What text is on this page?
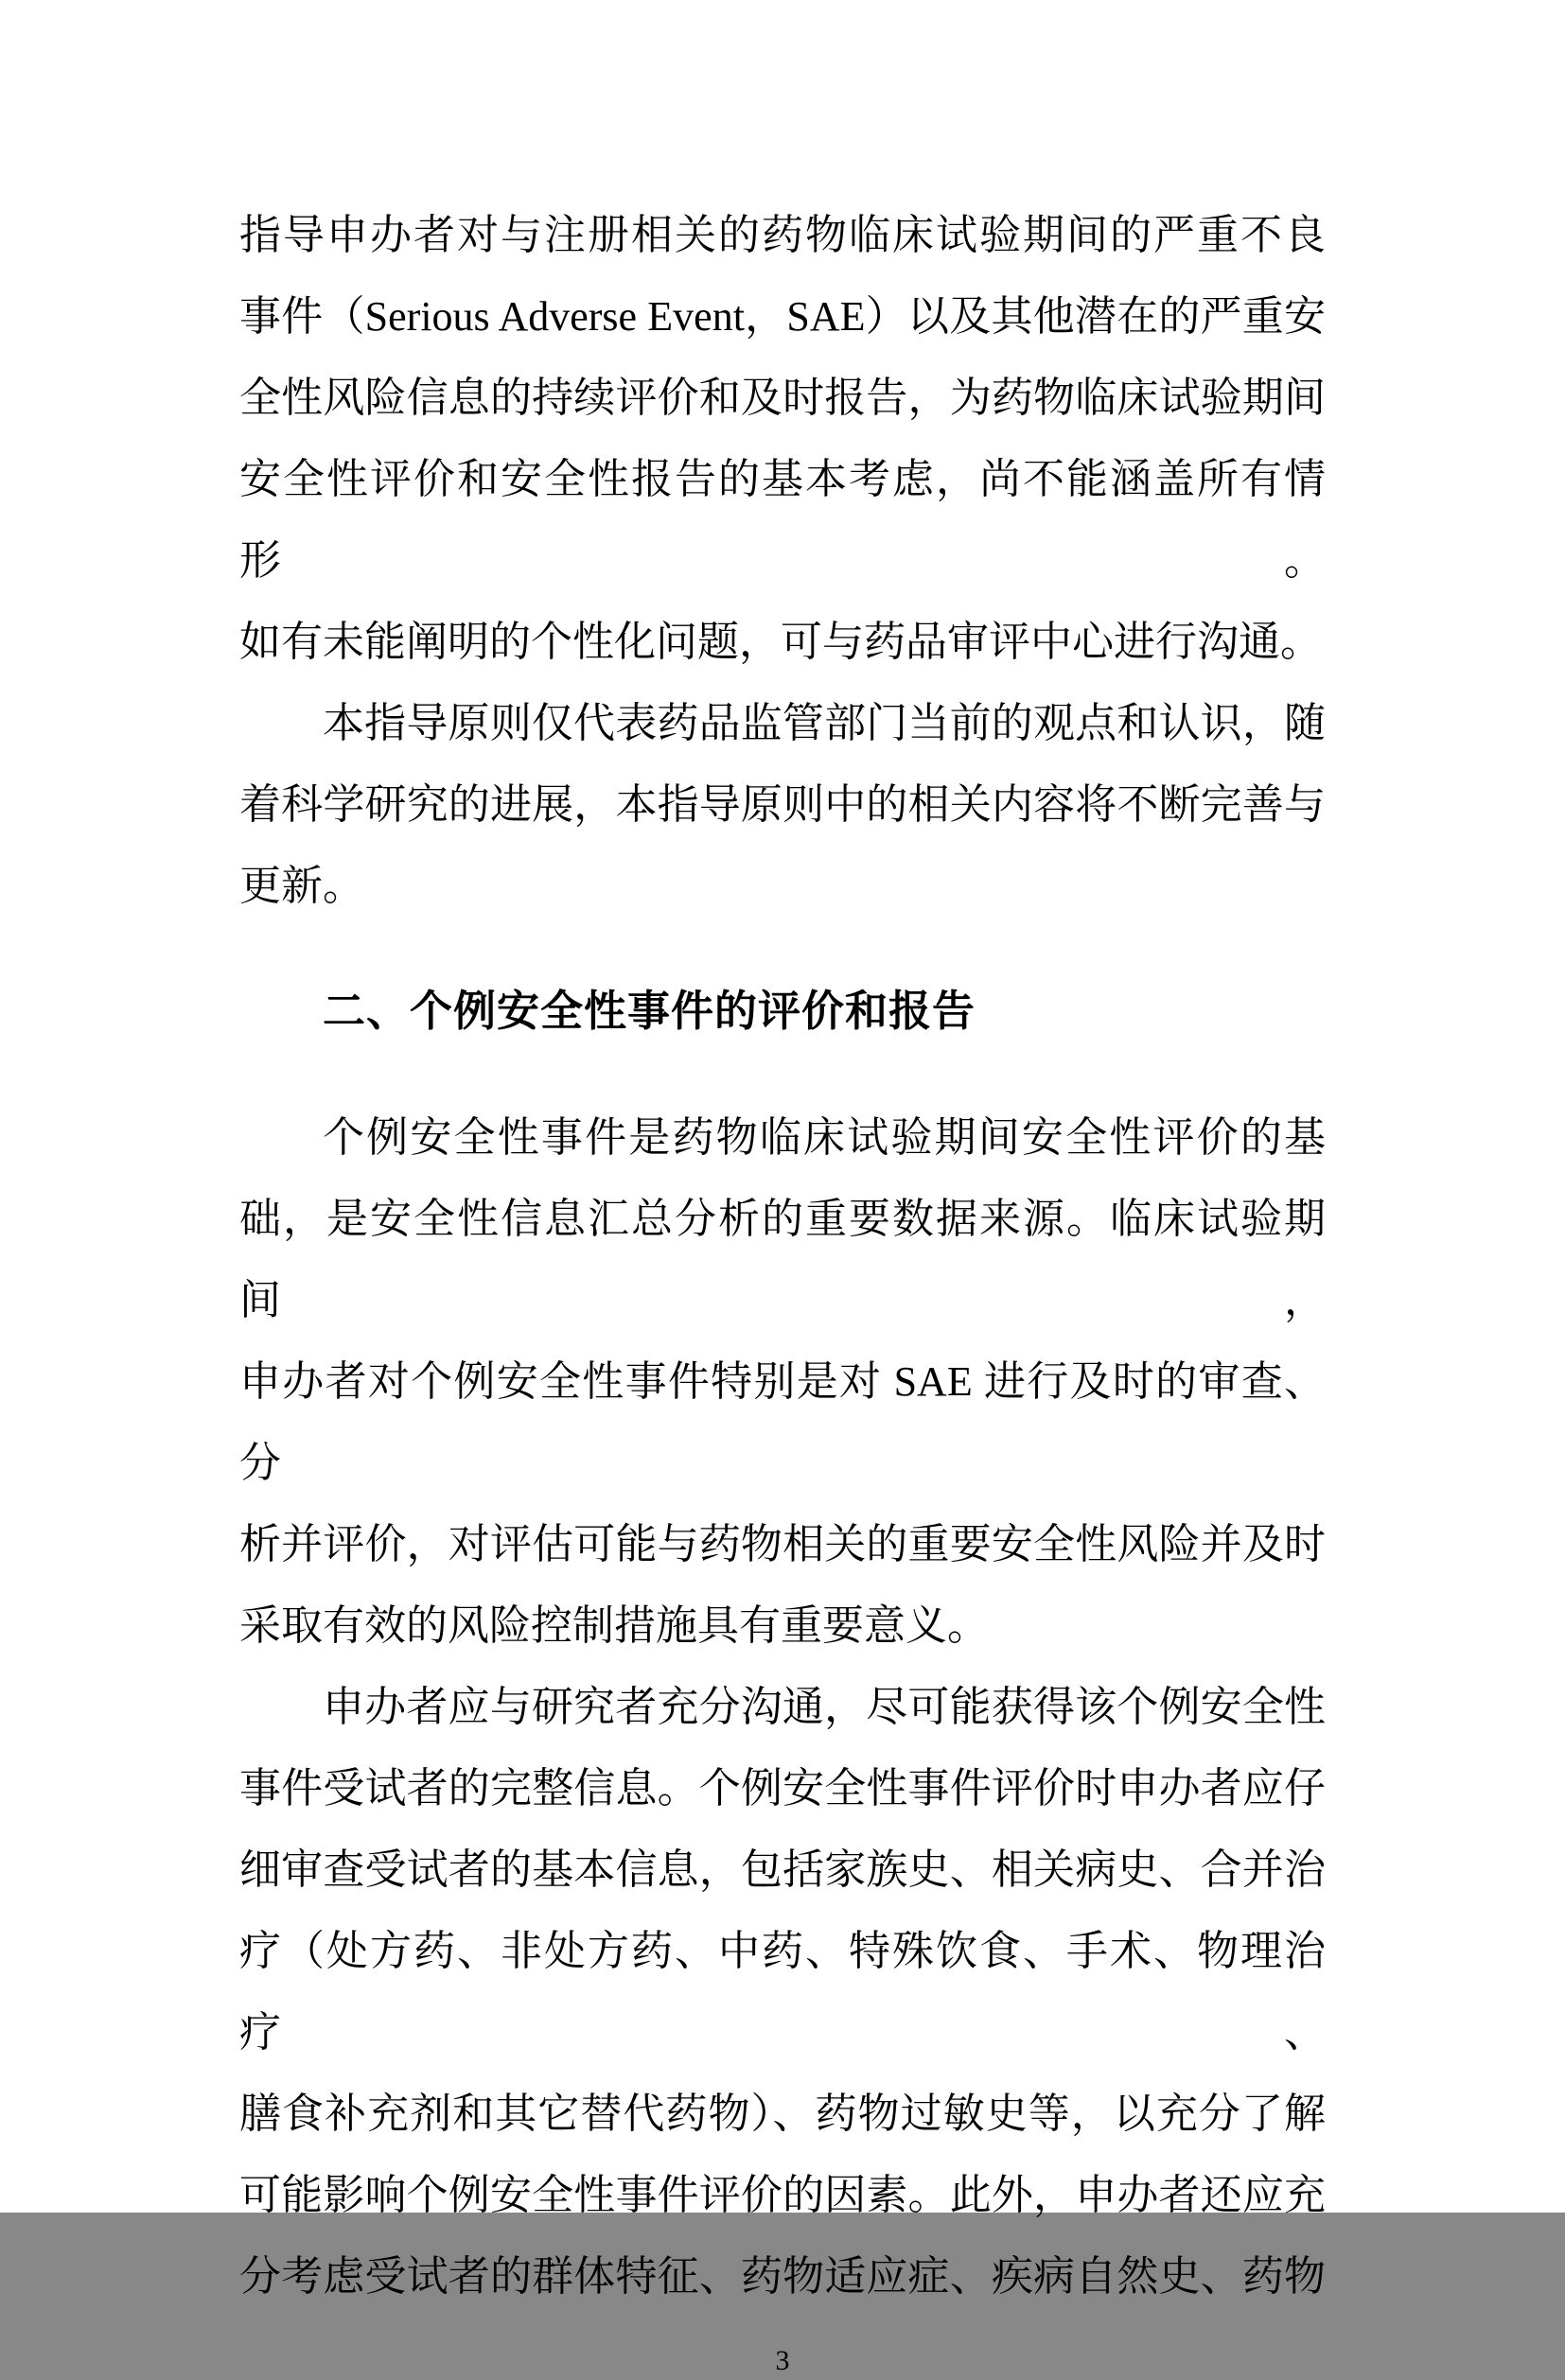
指导申办者对与注册相关的药物临床试验期间的严重不良
事件（Serious Adverse Event，SAE）以及其他潜在的严重安
全性风险信息的持续评价和及时报告，为药物临床试验期间
安全性评价和安全性报告的基本考虑，尚不能涵盖所有情形。
如有未能阐明的个性化问题，可与药品审评中心进行沟通。
本指导原则仅代表药品监管部门当前的观点和认识，随
着科学研究的进展，本指导原则中的相关内容将不断完善与
更新。
二、个例安全性事件的评价和报告
个例安全性事件是药物临床试验期间安全性评价的基
础，是安全性信息汇总分析的重要数据来源。临床试验期间，
申办者对个例安全性事件特别是对 SAE 进行及时的审查、分
析并评价，对评估可能与药物相关的重要安全性风险并及时
采取有效的风险控制措施具有重要意义。
申办者应与研究者充分沟通，尽可能获得该个例安全性
事件受试者的完整信息。个例安全性事件评价时申办者应仔
细审查受试者的基本信息，包括家族史、相关病史、合并治
疗（处方药、非处方药、中药、特殊饮食、手术、物理治疗、
膳食补充剂和其它替代药物）、药物过敏史等，以充分了解
可能影响个例安全性事件评价的因素。此外，申办者还应充
分考虑受试者的群体特征、药物适应症、疾病自然史、药物
3
